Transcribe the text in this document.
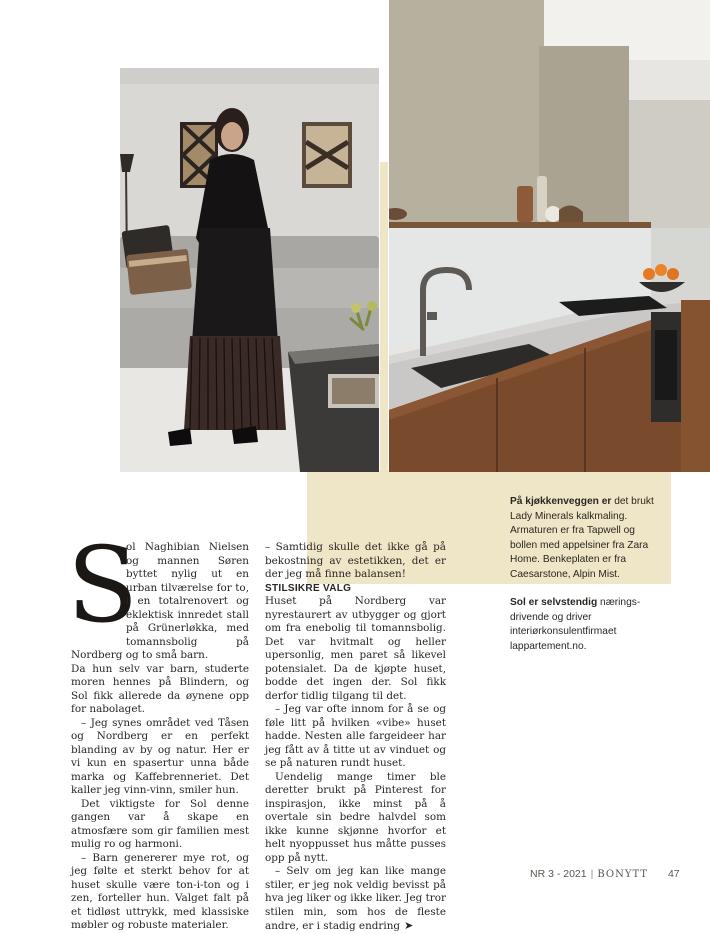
S

ol Naghibian Nielsen og mannen Søren byttet nylig ut en urban tilværelse for to, i en totalrenovert og eklektisk innredet stall på Grünerløkka, med tomannsbolig på Nordberg og to små barn.

Da hun selv var barn, studerte moren hennes på Blindern, og Sol fikk allerede da øynene opp for nabolaget.

– Jeg synes området ved Tåsen og Nordberg er en perfekt blanding av by og natur. Her er vi kun en spasertur unna både marka og Kaffebrenneriet. Det kaller jeg vinn-vinn, smiler hun.

Det viktigste for Sol denne gangen var å skape en atmosfære som gir familien mest mulig ro og harmoni.

– Barn genererer mye rot, og jeg følte et sterkt behov for at huset skulle være ton-i-ton og i zen, forteller hun. Valget falt på et tidløst uttrykk, med klassiske møbler og robuste materialer.

– Samtidig skulle det ikke gå på bekostning av estetikken, det er der jeg må finne balansen!

STILSIKRE VALG

Huset på Nordberg var nyrestaurert av utbygger og gjort om fra enebolig til tomannsbolig. Det var hvitmalt og heller upersonlig, men paret så likevel potensialet. Da de kjøpte huset, bodde det ingen der. Sol fikk derfor tidlig tilgang til det.

– Jeg var ofte innom for å se og føle litt på hvilken «vibe» huset hadde. Nesten alle fargeideer har jeg fått av å titte ut av vinduet og se på naturen rundt huset.

Uendelig mange timer ble deretter brukt på Pinterest for inspirasjon, ikke minst på å overtale sin bedre halvdel som ikke kunne skjønne hvorfor et helt nyoppusset hus måtte pusses opp på nytt.

– Selv om jeg kan like mange stiler, er jeg nok veldig bevisst på hva jeg liker og ikke liker. Jeg tror stilen min, som hos de fleste andre, er i stadig endring ➤

På kjøkkenveggen er det brukt Lady Minerals kalkmaling. Armaturen er fra Tapwell og bollen med appelsiner fra Zara Home. Benkeplaten er fra Caesarstone, Alpin Mist.
Sol er selvstendig næringsdrivende og driver interiørkonsulentfirmaet lappartement.no.
NR 3 - 2021 | BONYTT 47
